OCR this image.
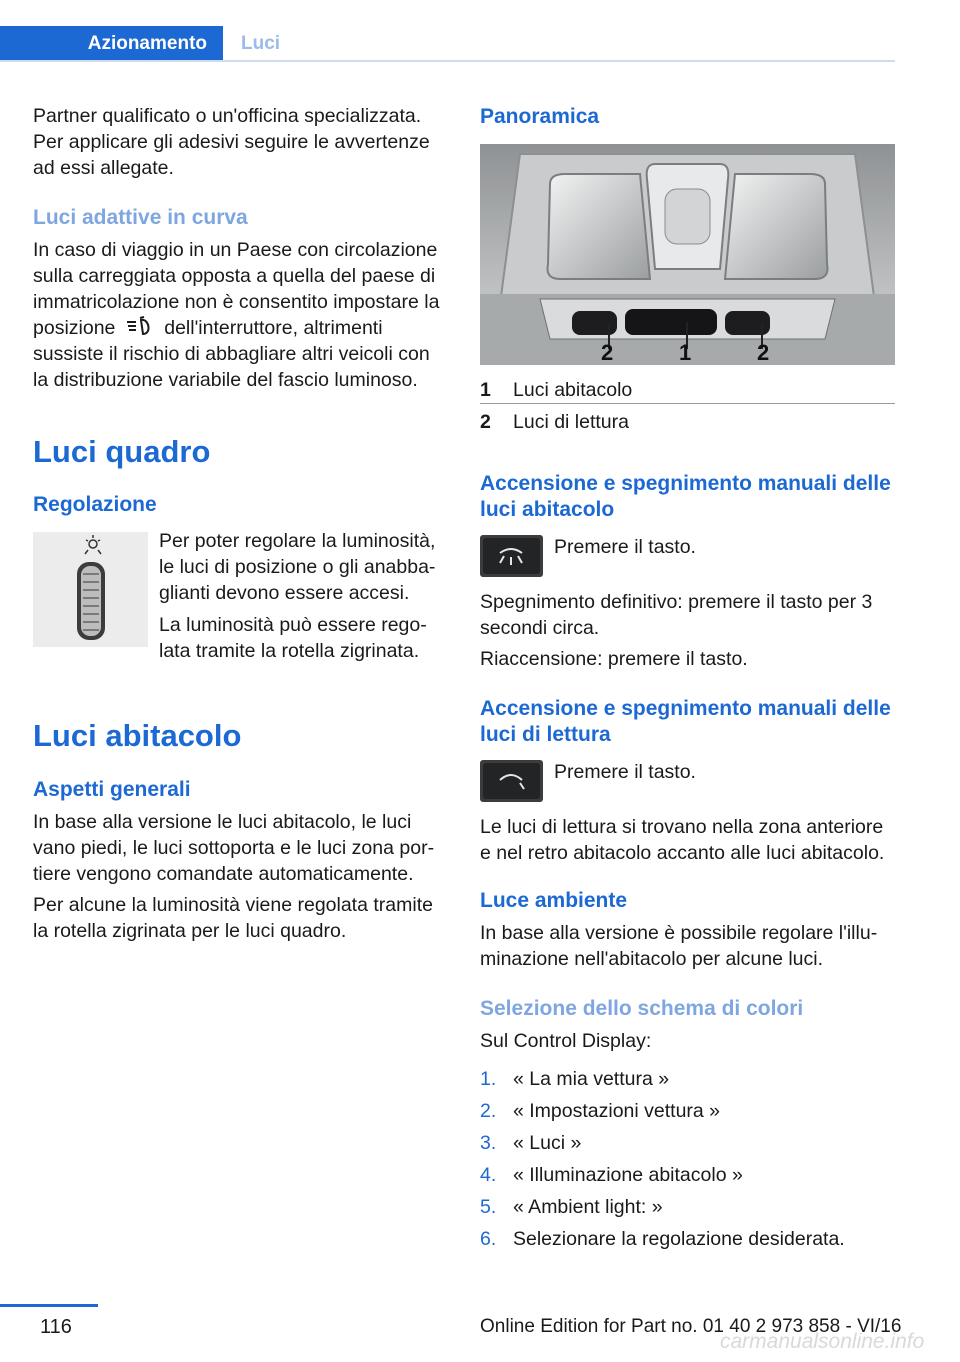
Azionamento	Luci

Partner qualificato o un'officina specializzata. Per applicare gli adesivi seguire le avvertenze ad essi allegate.

Luci adattive in curva

In caso di viaggio in un Paese con circolazione sulla carreggiata opposta a quella del paese di immatricolazione non è consentito impostare la posizione	dell'interruttore, altrimenti sussiste il rischio di abbagliare altri veicoli con la distribuzione variabile del fascio luminoso.

Luci quadro

Regolazione

Per poter regolare la luminosità, le luci di posizione o gli anabba-glianti devono essere accesi.

La luminosità può essere rego-lata tramite la rotella zigrinata.

Luci abitacolo

Aspetti generali

In base alla versione le luci abitacolo, le luci vano piedi, le luci sottoporta e le luci zona por-tiere vengono comandate automaticamente.

Per alcune la luminosità viene regolata tramite la rotella zigrinata per le luci quadro.

Panoramica

2	1	2

1 Luci abitacolo

2 Luci di lettura

Accensione e spegnimento manuali delle luci abitacolo

Premere il tasto.

Spegnimento definitivo: premere il tasto per 3 secondi circa.

Riaccensione: premere il tasto.

Accensione e spegnimento manuali delle luci di lettura

Premere il tasto.

Le luci di lettura si trovano nella zona anteriore e nel retro abitacolo accanto alle luci abitacolo.

Luce ambiente

In base alla versione è possibile regolare l'illu-minazione nell'abitacolo per alcune luci.

Selezione dello schema di colori

Sul Control Display:

1. « La mia vettura »

2. « Impostazioni vettura »

3. « Luci »

4. « Illuminazione abitacolo »

5. « Ambient light: »

6. Selezionare la regolazione desiderata.

116	Online Edition for Part no. 01 40 2 973 858 - VI/16
carmanualsonline.info
